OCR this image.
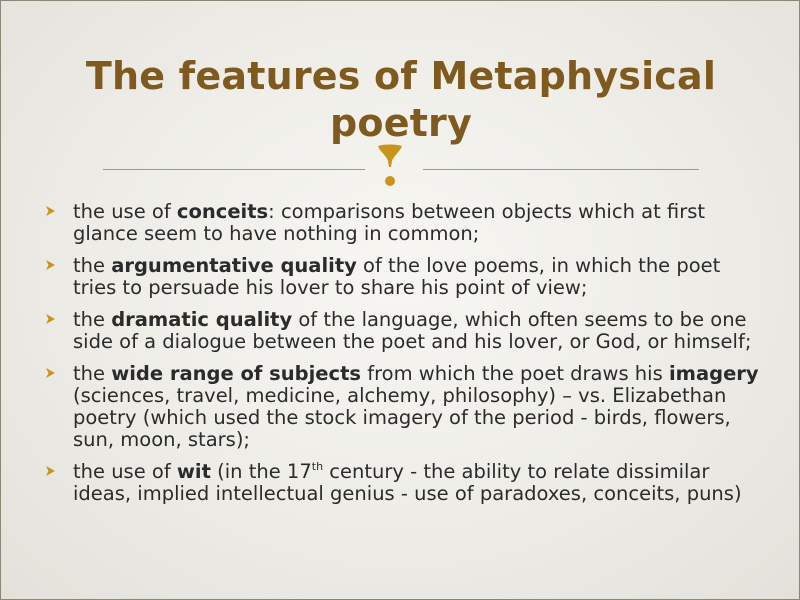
The features of Metaphysical poetry
the use of conceits: comparisons between objects which at first glance seem to have nothing in common;
the argumentative quality of the love poems, in which the poet tries to persuade his lover to share his point of view;
the dramatic quality of the language, which often seems to be one side of a dialogue between the poet and his lover, or God, or himself;
the wide range of subjects from which the poet draws his imagery (sciences, travel, medicine, alchemy, philosophy) – vs. Elizabethan poetry (which used the stock imagery of the period - birds, flowers, sun, moon, stars);
the use of wit (in the 17th century - the ability to relate dissimilar ideas, implied intellectual genius - use of paradoxes, conceits, puns)
